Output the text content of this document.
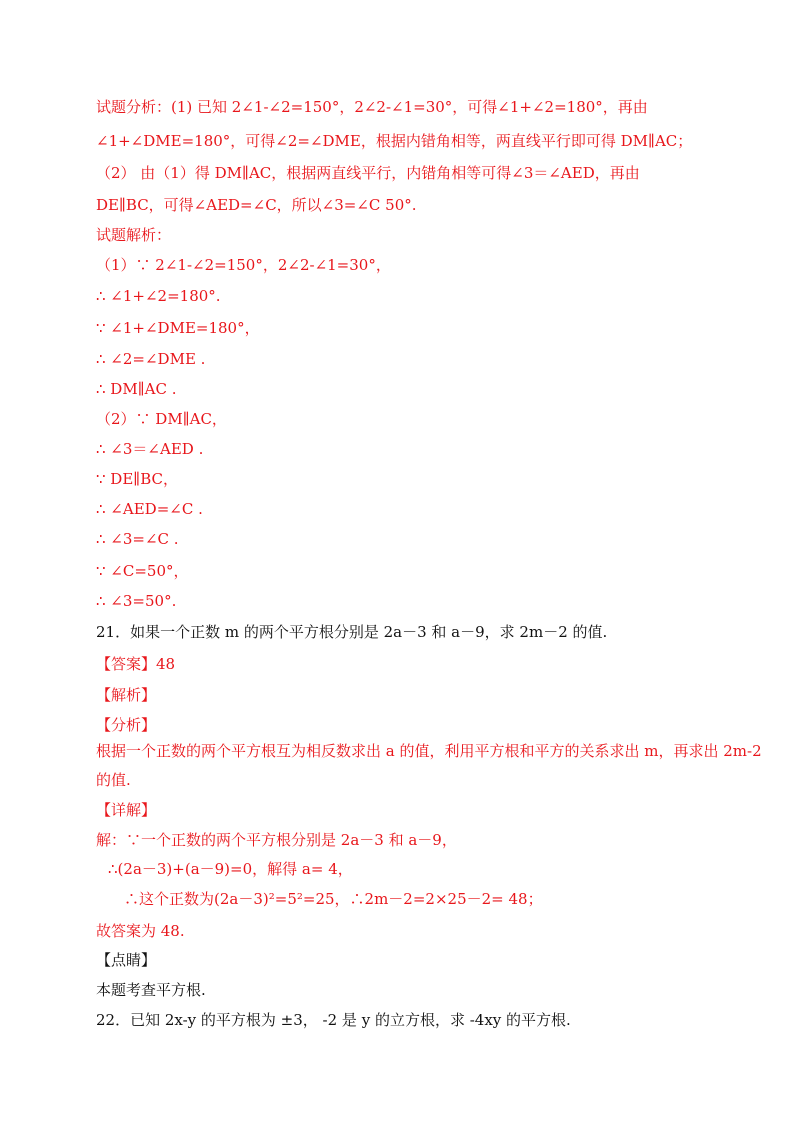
试题分析：(1) 已知 2∠1-∠2=150°，2∠2-∠1=30°，可得∠1+∠2=180°，再由
∠1+∠DME=180°，可得∠2=∠DME，根据内错角相等，两直线平行即可得 DM∥AC；
（2） 由（1）得 DM∥AC，根据两直线平行，内错角相等可得∠3＝∠AED，再由
DE∥BC，可得∠AED=∠C，所以∠3=∠C 50°.
试题解析：
（1）∵ 2∠1-∠2=150°，2∠2-∠1=30°，
∴ ∠1+∠2=180°.
∵ ∠1+∠DME=180°，
∴ ∠2=∠DME .
∴ DM∥AC .
（2）∵ DM∥AC，
∴ ∠3＝∠AED .
∵ DE∥BC，
∴ ∠AED=∠C .
∴ ∠3=∠C .
∵ ∠C=50°，
∴ ∠3=50°.
21．如果一个正数 m 的两个平方根分别是 2a－3 和 a－9，求 2m－2 的值.
【答案】48
【解析】
【分析】
根据一个正数的两个平方根互为相反数求出 a 的值，利用平方根和平方的关系求出 m，再求出 2m-2
的值.
【详解】
解：∵一个正数的两个平方根分别是 2a－3 和 a－9，
∴(2a－3)+(a－9)=0，解得 a= 4，
∴这个正数为(2a－3)²=5²=25，∴2m－2=2×25－2= 48；
故答案为 48.
【点睛】
本题考查平方根.
22．已知 2x-y 的平方根为 ±3， -2 是 y 的立方根，求 -4xy 的平方根.
